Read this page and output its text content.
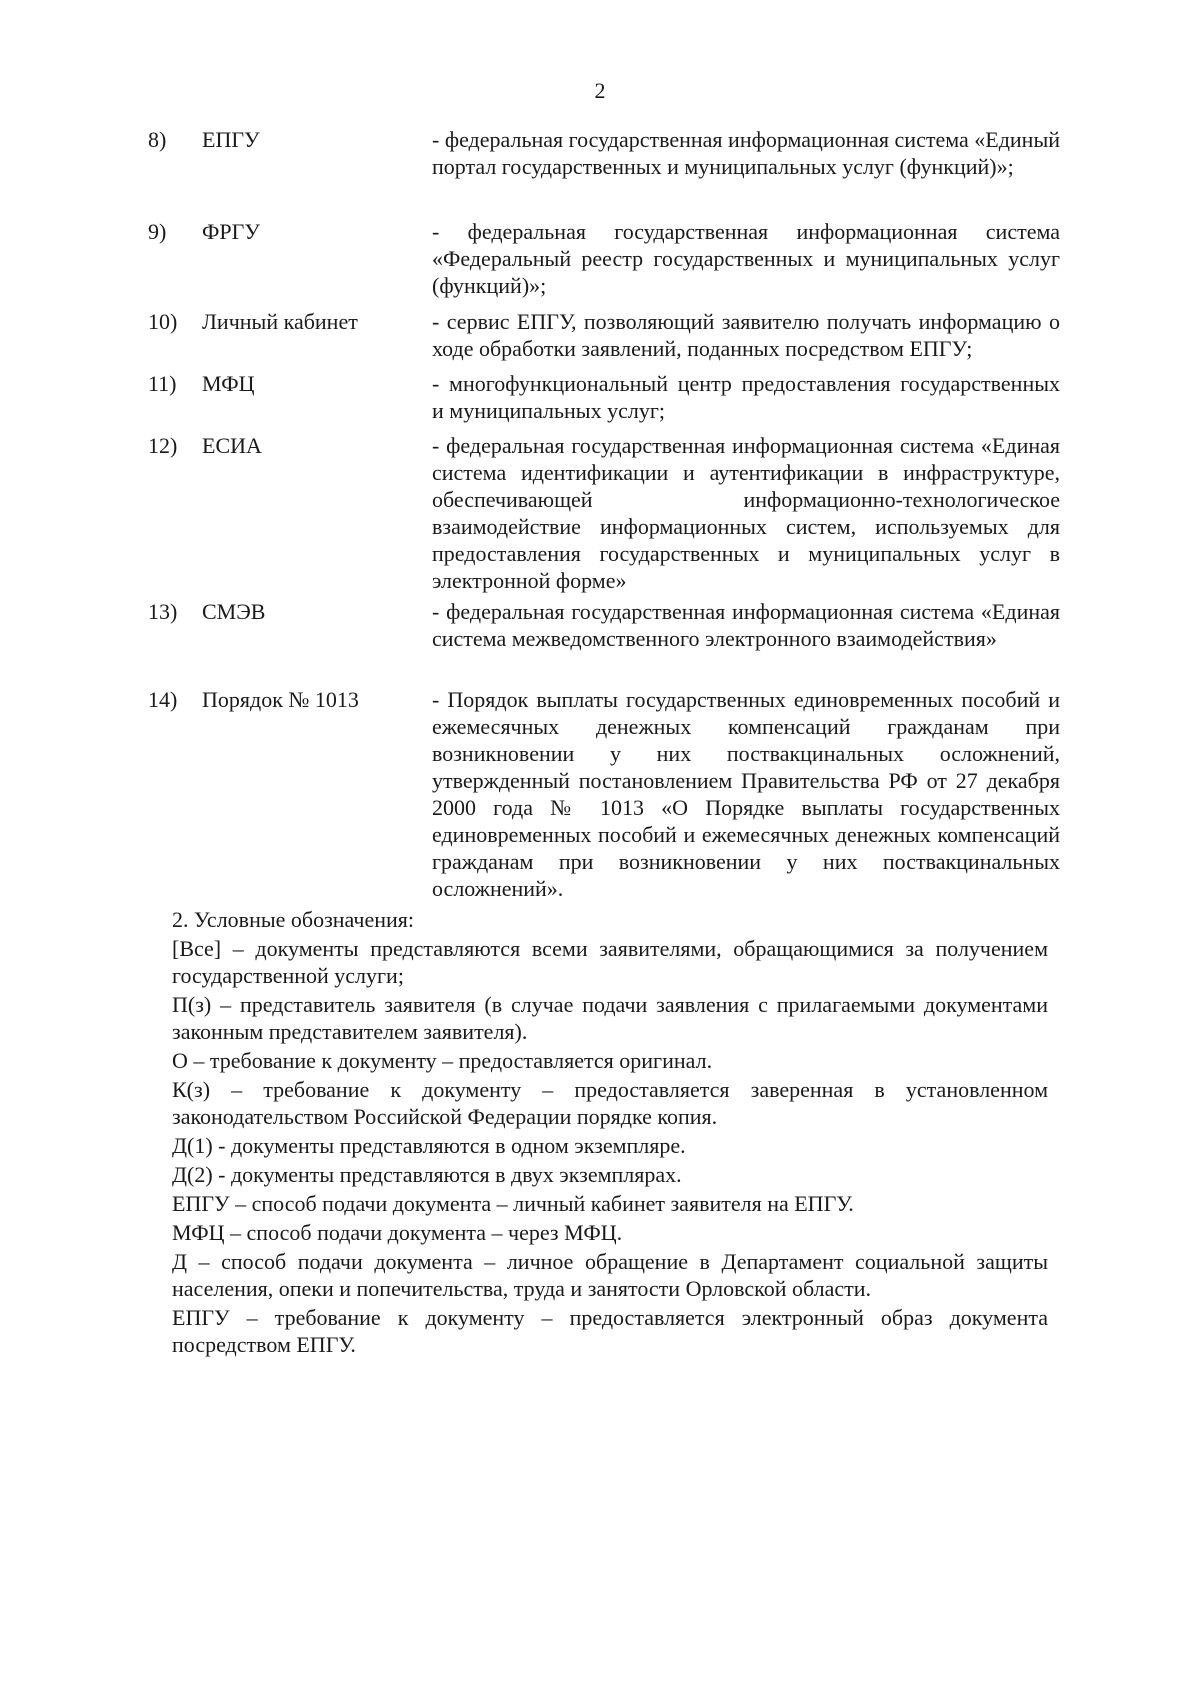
2
8) ЕПГУ	- федеральная государственная информационная система «Единый портал государственных и муниципальных услуг (функций)»;
9) ФРГУ	- федеральная государственная информационная система «Федеральный реестр государственных и муниципальных услуг (функций)»;
10) Личный кабинет	- сервис ЕПГУ, позволяющий заявителю получать информацию о ходе обработки заявлений, поданных посредством ЕПГУ;
11) МФЦ	- многофункциональный центр предоставления государственных и муниципальных услуг;
12) ЕСИА	- федеральная государственная информационная система «Единая система идентификации и аутентификации в инфраструктуре, обеспечивающей информационно-технологическое взаимодействие информационных систем, используемых для предоставления государственных и муниципальных услуг в электронной форме»
13) СМЭВ	- федеральная государственная информационная система «Единая система межведомственного электронного взаимодействия»
14) Порядок № 1013	- Порядок выплаты государственных единовременных пособий и ежемесячных денежных компенсаций гражданам при возникновении у них поствакцинальных осложнений, утвержденный постановлением Правительства РФ от 27 декабря 2000 года № 1013 «О Порядке выплаты государственных единовременных пособий и ежемесячных денежных компенсаций гражданам при возникновении у них поствакцинальных осложнений».

2. Условные обозначения:

[Все] – документы представляются всеми заявителями, обращающимися за получением государственной услуги;

П(з) – представитель заявителя (в случае подачи заявления с прилагаемыми документами законным представителем заявителя).

О – требование к документу – предоставляется оригинал.

К(з) – требование к документу – предоставляется заверенная в установленном законодательством Российской Федерации порядке копия.

Д(1) - документы представляются в одном экземпляре.

Д(2) - документы представляются в двух экземплярах.

ЕПГУ – способ подачи документа – личный кабинет заявителя на ЕПГУ.

МФЦ – способ подачи документа – через МФЦ.

Д – способ подачи документа – личное обращение в Департамент социальной защиты населения, опеки и попечительства, труда и занятости Орловской области.

ЕПГУ – требование к документу – предоставляется электронный образ документа посредством ЕПГУ.
